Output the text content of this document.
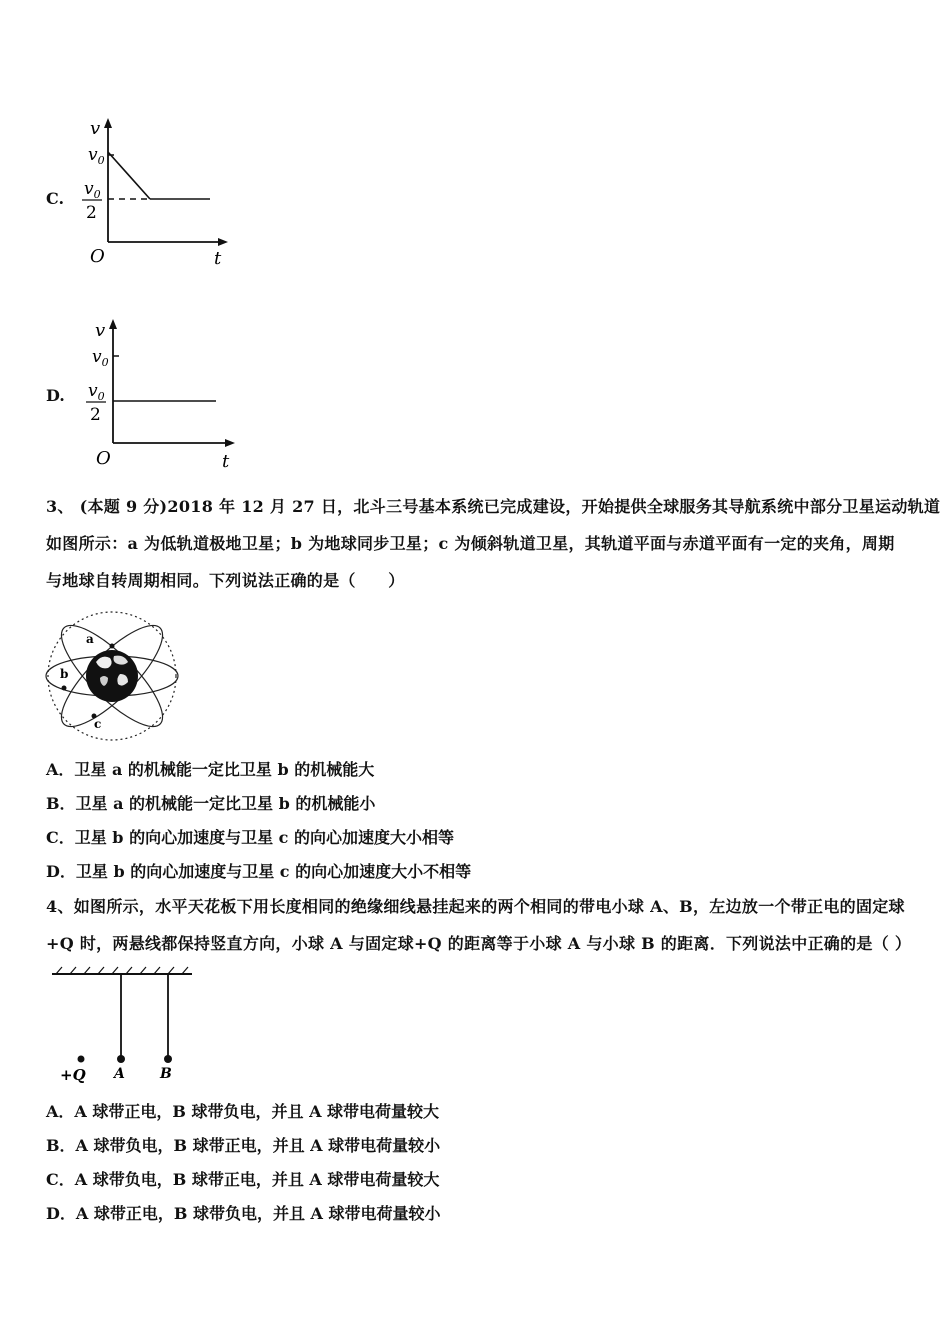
C.
v
$v_0$
$v_0$
2
O	t
D.
v
$v_0$
$v_0$
2
O	t
3、 (本题 9 分)2018 年 12 月 27 日，北斗三号基本系统已完成建设，开始提供全球服务其导航系统中部分卫星运动轨道
如图所示：a 为低轨道极地卫星；b 为地球同步卫星；c 为倾斜轨道卫星，其轨道平面与赤道平面有一定的夹角，周期
与地球自转周期相同。下列说法正确的是（　　）
a
b
c
A．卫星 a 的机械能一定比卫星 b 的机械能大
B．卫星 a 的机械能一定比卫星 b 的机械能小
C．卫星 b 的向心加速度与卫星 c 的向心加速度大小相等
D．卫星 b 的向心加速度与卫星 c 的向心加速度大小不相等
4、如图所示，水平天花板下用长度相同的绝缘细线悬挂起来的两个相同的带电小球 A、B，左边放一个带正电的固定球
+Q 时，两悬线都保持竖直方向，小球 A 与固定球+Q 的距离等于小球 A 与小球 B 的距离．下列说法中正确的是（ ）
+Q A	B
A．A 球带正电，B 球带负电，并且 A 球带电荷量较大
B．A 球带负电，B 球带正电，并且 A 球带电荷量较小
C．A 球带负电，B 球带正电，并且 A 球带电荷量较大
D．A 球带正电，B 球带负电，并且 A 球带电荷量较小
